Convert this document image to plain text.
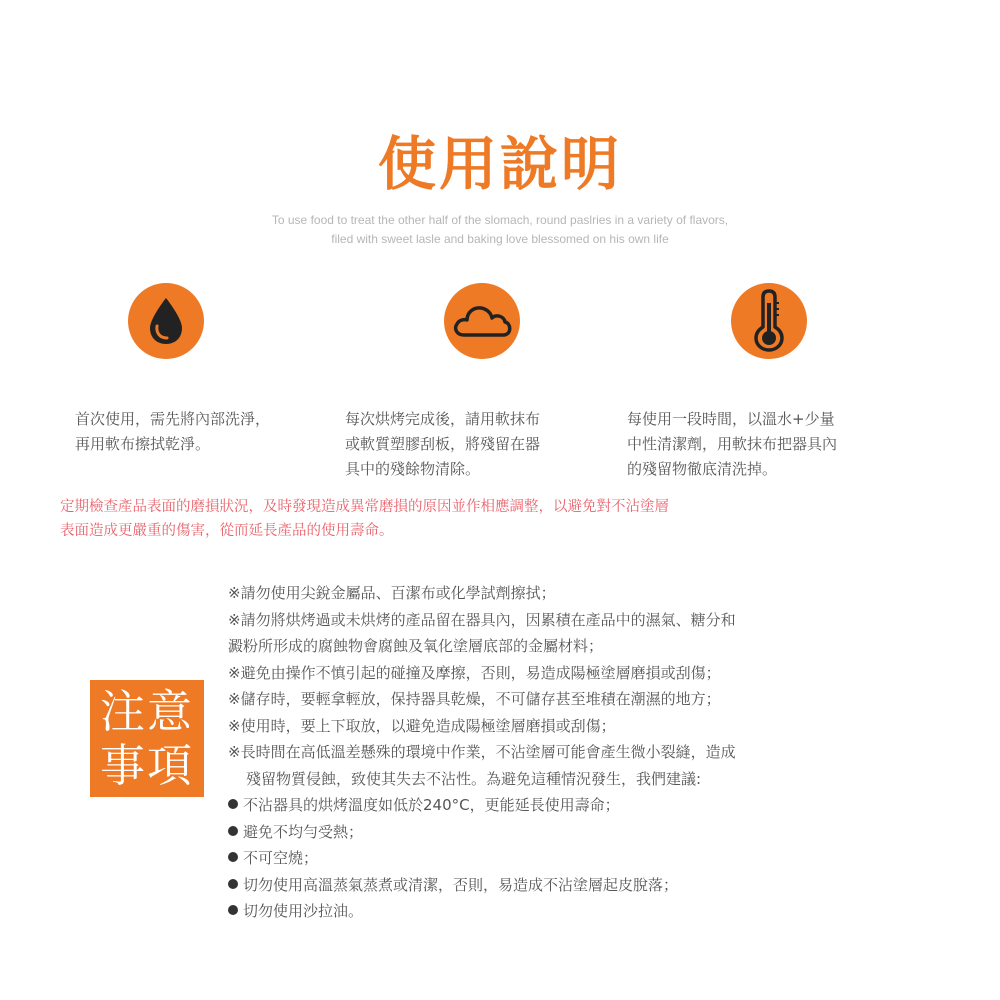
使用說明
To use food to treat the other half of the slomach, round paslries in a variety of flavors,
filed with sweet lasle and baking love blessomed on his own life
首次使用，需先將內部洗淨，
再用軟布擦拭乾淨。
每次烘烤完成後，請用軟抹布
或軟質塑膠刮板，將殘留在器
具中的殘餘物清除。
每使用一段時間，以溫水+少量
中性清潔劑，用軟抹布把器具內
的殘留物徹底清洗掉。
定期檢查產品表面的磨損狀況，及時發現造成異常磨損的原因並作相應調整，以避免對不沾塗層
表面造成更嚴重的傷害，從而延長產品的使用壽命。
注意
事項
※請勿使用尖銳金屬品、百潔布或化學試劑擦拭；
※請勿將烘烤過或未烘烤的產品留在器具內，因累積在產品中的濕氣、糖分和
澱粉所形成的腐蝕物會腐蝕及氧化塗層底部的金屬材料；
※避免由操作不慎引起的碰撞及摩擦，否則，易造成陽極塗層磨損或刮傷；
※儲存時，要輕拿輕放，保持器具乾燥，不可儲存甚至堆積在潮濕的地方；
※使用時，要上下取放，以避免造成陽極塗層磨損或刮傷；
※長時間在高低溫差懸殊的環境中作業，不沾塗層可能會產生微小裂縫，造成
殘留物質侵蝕，致使其失去不沾性。為避免這種情況發生，我們建議:
不沾器具的烘烤溫度如低於240°C，更能延長使用壽命；
避免不均勻受熱；
不可空燒；
切勿使用高溫蒸氣蒸煮或清潔，否則，易造成不沾塗層起皮脫落；
切勿使用沙拉油。
